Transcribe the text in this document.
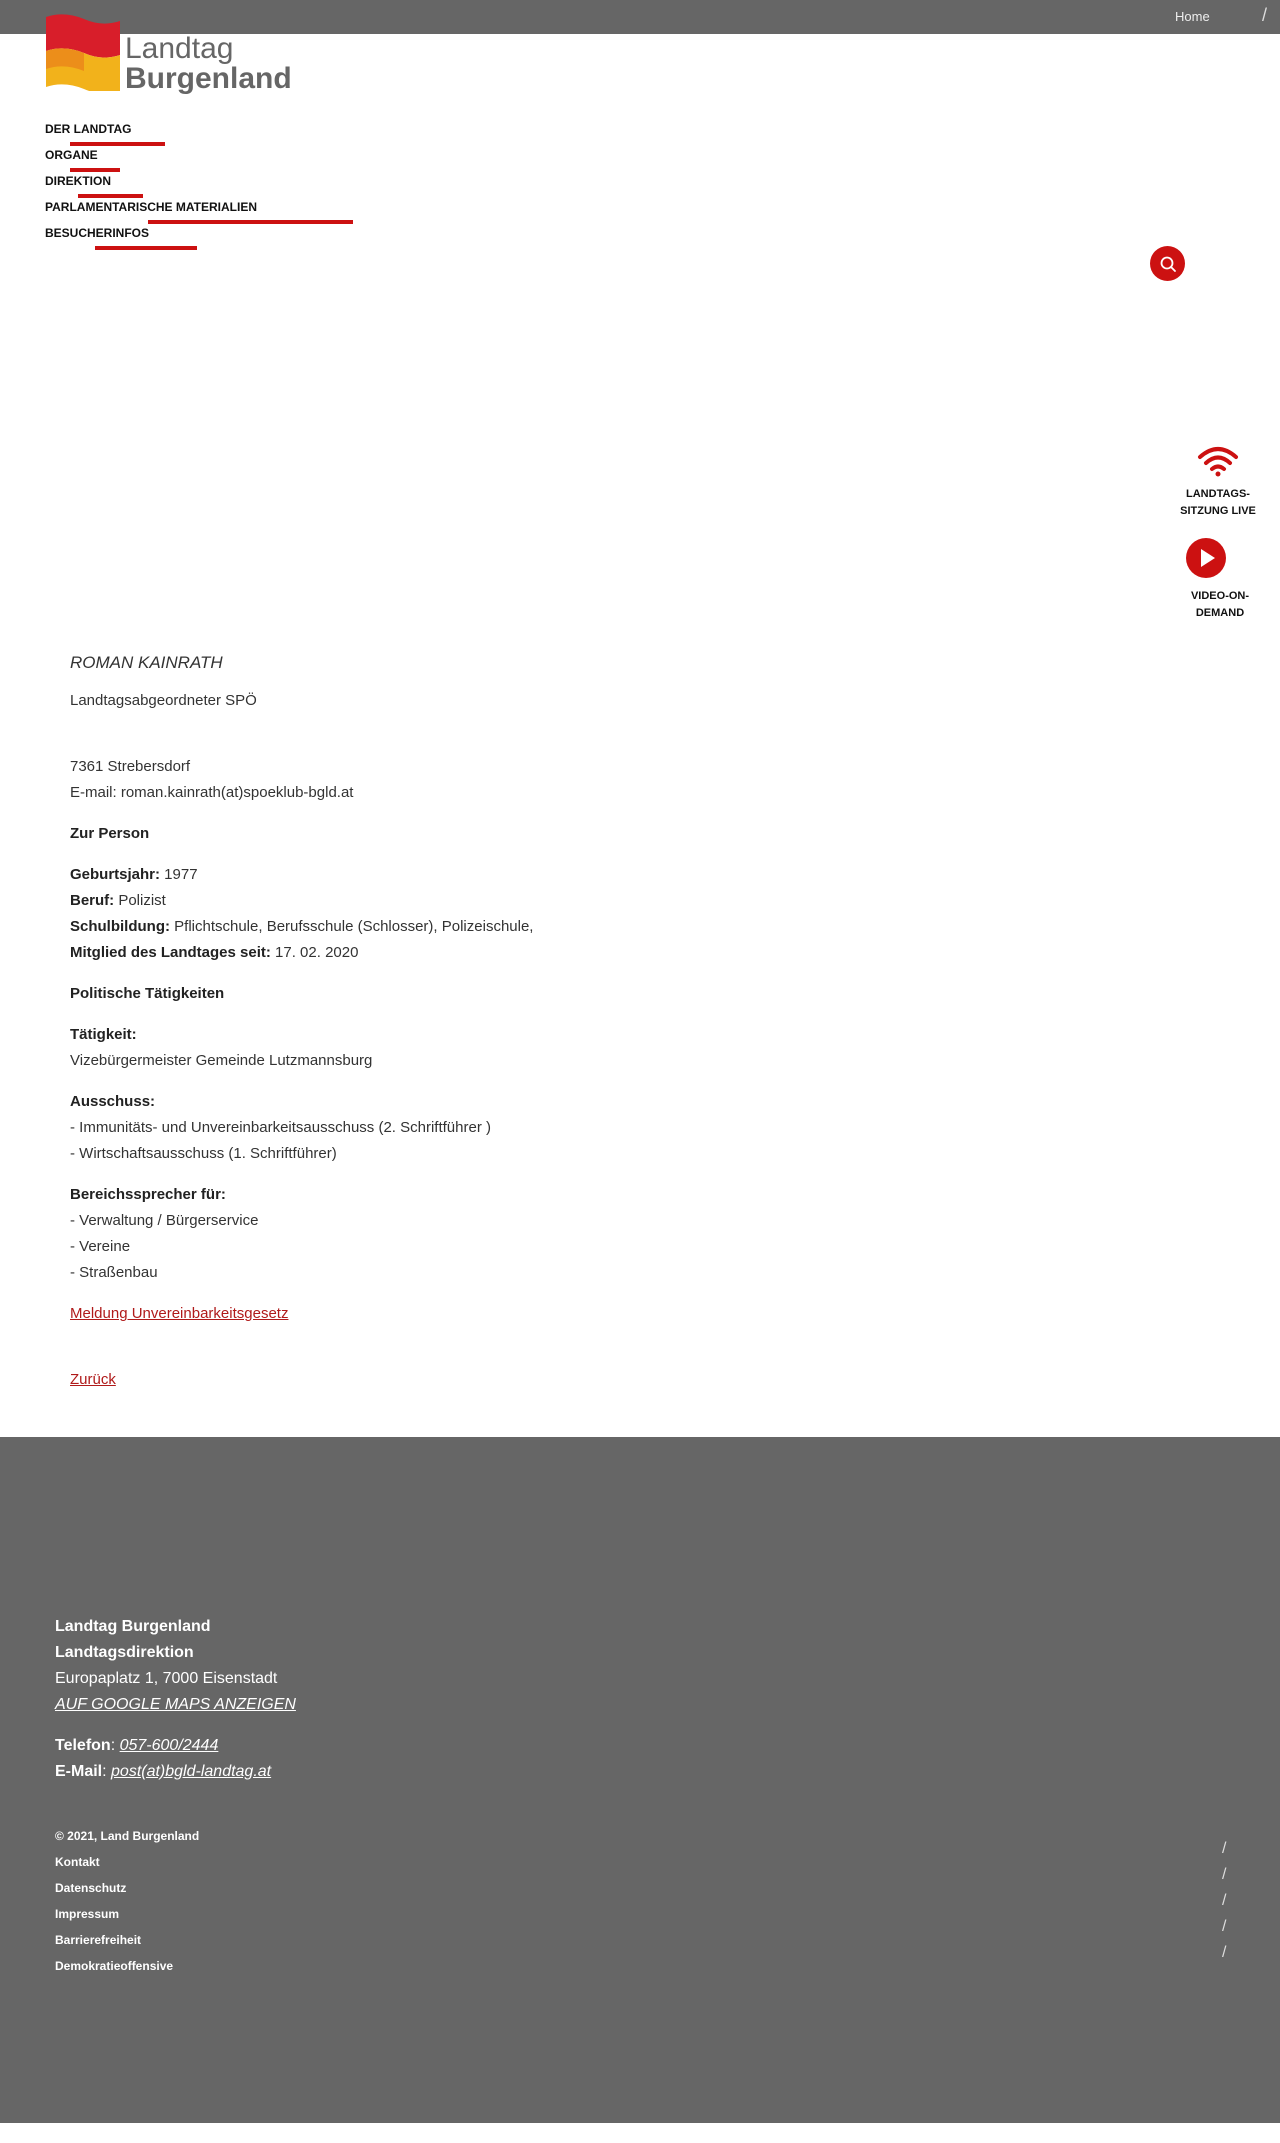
Home	/
Landtag
Burgenland
DER LANDTAG
ORGANE
DIREKTION
PARLAMENTARISCHE MATERIALIEN
BESUCHERINFOS
LANDTAGS-
SITZUNG LIVE
VIDEO-ON-
DEMAND

ROMAN KAINRATH

Landtagsabgeordneter SPÖ

7361 Strebersdorf

E-mail: roman.kainrath(at)spoeklub-bgld.at

Zur Person

Geburtsjahr: 1977

Beruf: Polizist

Schulbildung: Pflichtschule, Berufsschule (Schlosser), Polizeischule,

Mitglied des Landtages seit: 17. 02. 2020

Politische Tätigkeiten

Tätigkeit:

Vizebürgermeister Gemeinde Lutzmannsburg

Ausschuss:

- Immunitäts- und Unvereinbarkeitsausschuss (2. Schriftführer )

- Wirtschaftsausschuss (1. Schriftführer)

Bereichssprecher für:

- Verwaltung / Bürgerservice

- Vereine

- Straßenbau

Meldung Unvereinbarkeitsgesetz

Zurück

Landtag Burgenland
Landtagsdirektion
Europaplatz 1, 7000 Eisenstadt
AUF GOOGLE MAPS ANZEIGEN
Telefon: 057-600/2444
E-Mail: post(at)bgld-landtag.at
© 2021, Land Burgenland
Kontakt
Datenschutz
Impressum
Barrierefreiheit
Demokratieoffensive
/
/
/
/
/
